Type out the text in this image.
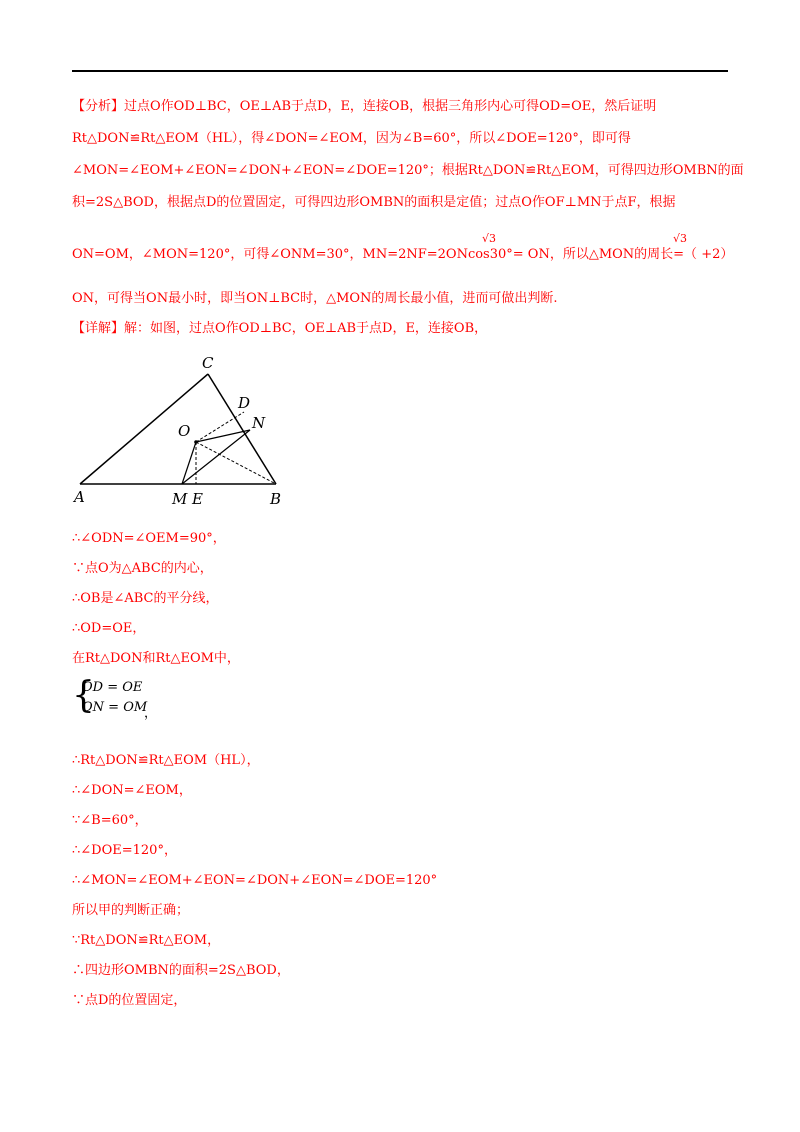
【分析】过点O作OD⊥BC，OE⊥AB于点D，E，连接OB，根据三角形内心可得OD=OE，然后证明
Rt△DON≌Rt△EOM（HL），得∠DON=∠EOM，因为∠B=60°，所以∠DOE=120°，即可得
∠MON=∠EOM+∠EON=∠DON+∠EON=∠DOE=120°；根据Rt△DON≌Rt△EOM，可得四边形OMBN的面
积=2S△BOD，根据点D的位置固定，可得四边形OMBN的面积是定值；过点O作OF⊥MN于点F，根据
ON=OM，∠MON=120°，可得∠ONM=30°，MN=2NF=2ONcos30°= ON，所以△MON的周长=（ +2）
√3	√3
ON，可得当ON最小时，即当ON⊥BC时，△MON的周长最小值，进而可做出判断.
【详解】解：如图，过点O作OD⊥BC，OE⊥AB于点D，E，连接OB，
A	B
C
D
N
O
M E
∴∠ODN=∠OEM=90°，
∵点O为△ABC的内心，
∴OB是∠ABC的平分线，
∴OD=OE，
在Rt△DON和Rt△EOM中，
{
OD = OE
ON = OM
，
∴Rt△DON≌Rt△EOM（HL），
∴∠DON=∠EOM，
∵∠B=60°，
∴∠DOE=120°，
∴∠MON=∠EOM+∠EON=∠DON+∠EON=∠DOE=120°
所以甲的判断正确；
∵Rt△DON≌Rt△EOM，
∴四边形OMBN的面积=2S△BOD，
∵点D的位置固定，
